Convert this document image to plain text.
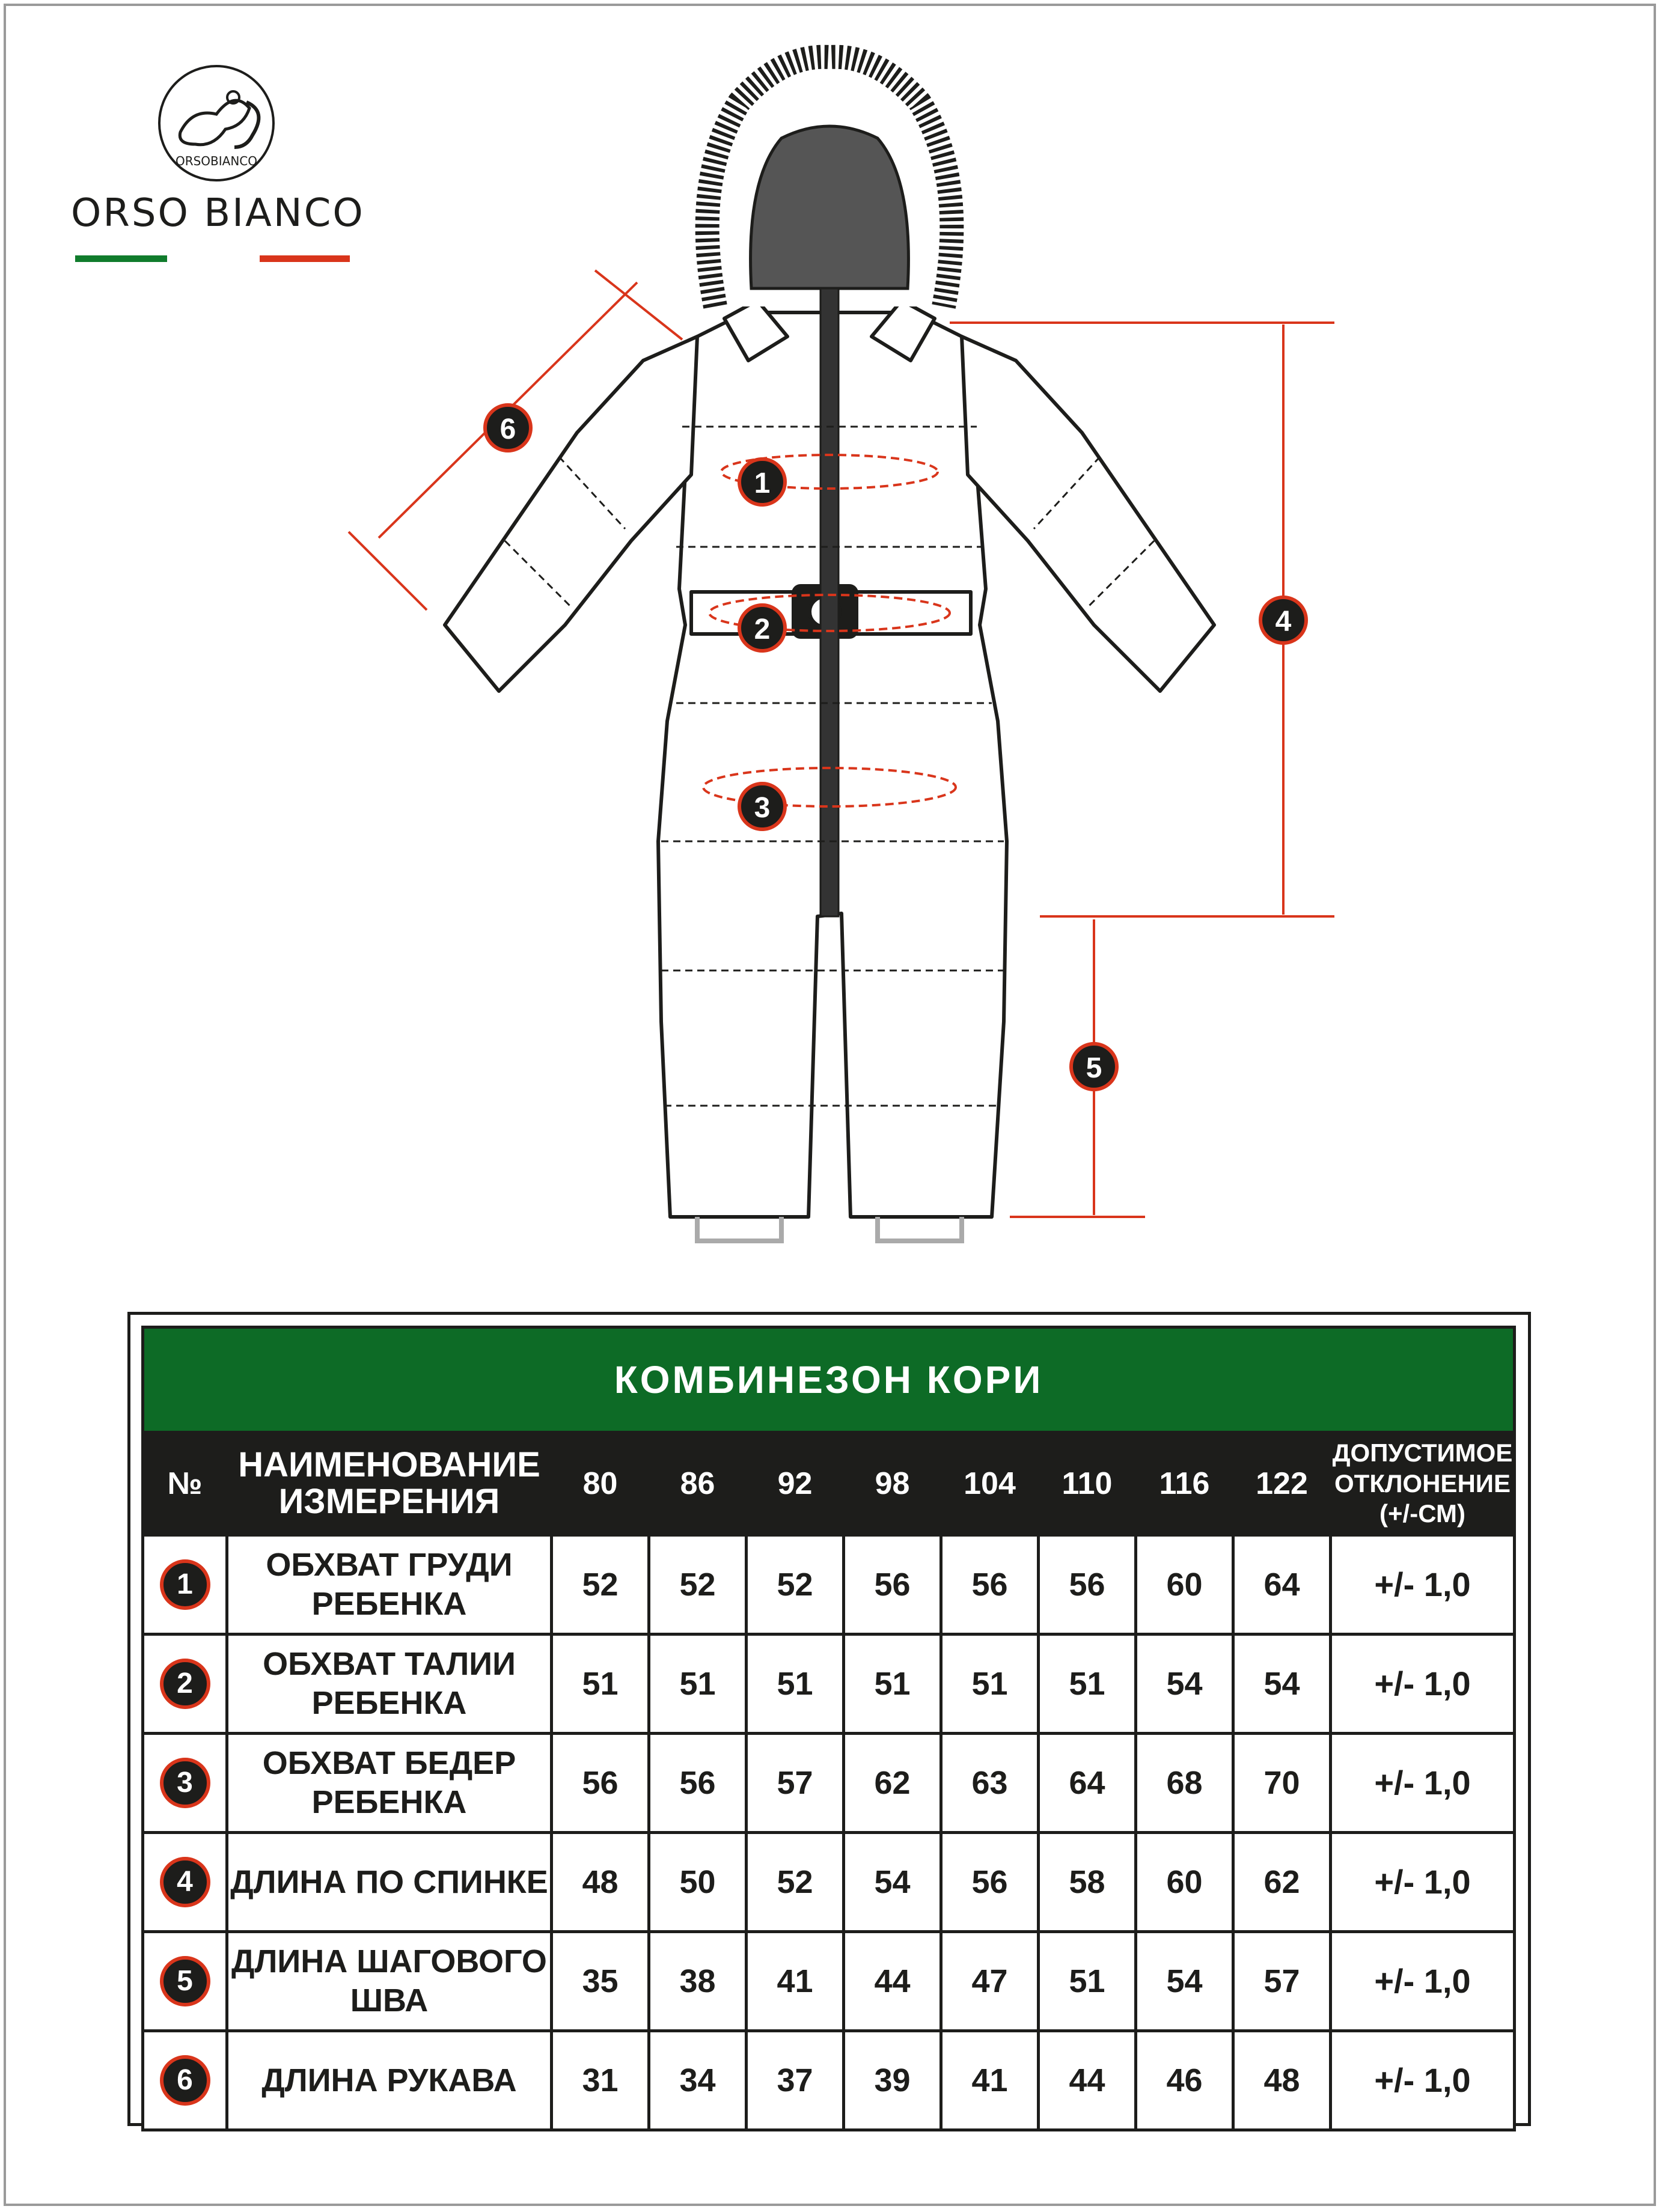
ORSOBIANCO
ORSO BIANCO
1
2
3
4
5
6
КОМБИНЕЗОН КОРИ										
№	НАИМЕНОВАНИЕ
ИЗМЕРЕНИЯ	80	86	92	98	104	110	116	122	ДОПУСТИМОЕ
ОТКЛОНЕНИЕ
(+/-СМ)
1	ОБХВАТ ГРУДИ
РЕБЕНКА	52	52	52	56	56	56	60	64	+/- 1,0
2	ОБХВАТ ТАЛИИ
РЕБЕНКА	51	51	51	51	51	51	54	54	+/- 1,0
3	ОБХВАТ БЕДЕР
РЕБЕНКА	56	56	57	62	63	64	68	70	+/- 1,0
4	ДЛИНА ПО СПИНКЕ	48	50	52	54	56	58	60	62	+/- 1,0
5	ДЛИНА ШАГОВОГО
ШВА	35	38	41	44	47	51	54	57	+/- 1,0
6	ДЛИНА РУКАВА	31	34	37	39	41	44	46	48	+/- 1,0
